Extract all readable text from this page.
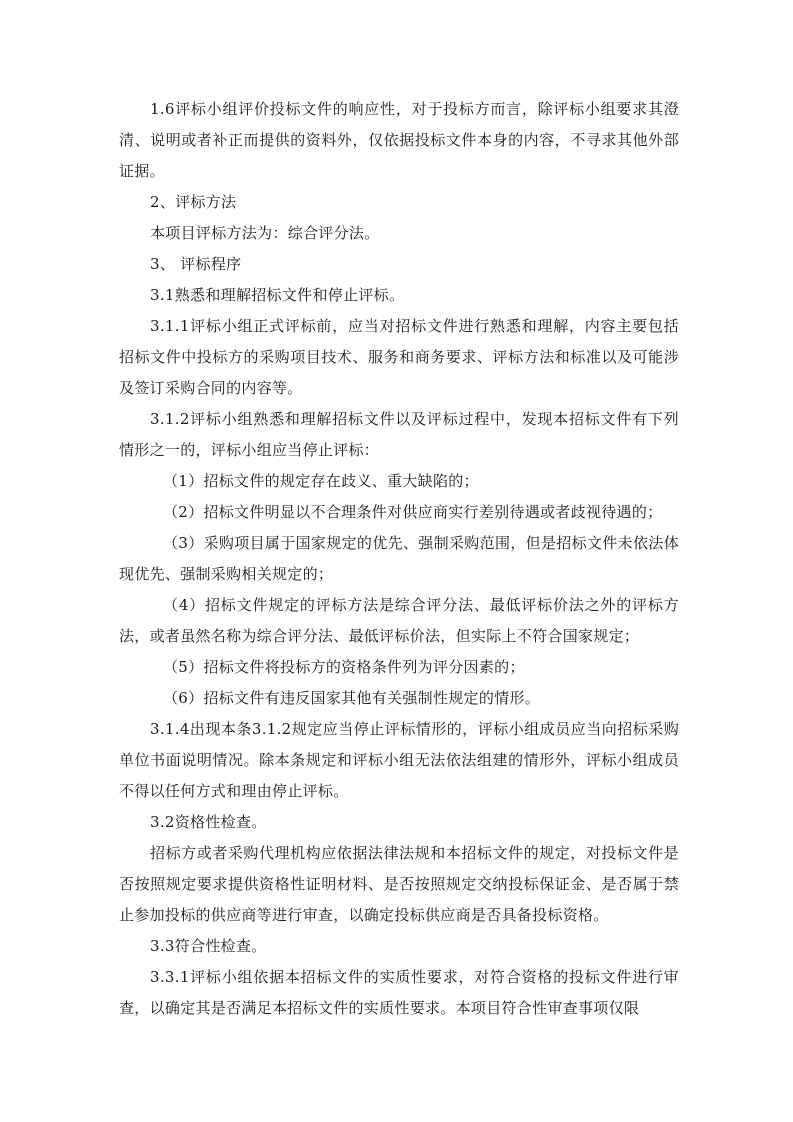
1.6评标小组评价投标文件的响应性，对于投标方而言，除评标小组要求其澄清、说明或者补正而提供的资料外，仅依据投标文件本身的内容，不寻求其他外部证据。

2、评标方法

本项目评标方法为：综合评分法。

3、 评标程序

3.1熟悉和理解招标文件和停止评标。

3.1.1评标小组正式评标前，应当对招标文件进行熟悉和理解，内容主要包括招标文件中投标方的采购项目技术、服务和商务要求、评标方法和标准以及可能涉及签订采购合同的内容等。

3.1.2评标小组熟悉和理解招标文件以及评标过程中，发现本招标文件有下列情形之一的，评标小组应当停止评标：

（1）招标文件的规定存在歧义、重大缺陷的；

（2）招标文件明显以不合理条件对供应商实行差别待遇或者歧视待遇的；

（3）采购项目属于国家规定的优先、强制采购范围，但是招标文件未依法体现优先、强制采购相关规定的；

（4）招标文件规定的评标方法是综合评分法、最低评标价法之外的评标方法，或者虽然名称为综合评分法、最低评标价法，但实际上不符合国家规定；

（5）招标文件将投标方的资格条件列为评分因素的；

（6）招标文件有违反国家其他有关强制性规定的情形。

3.1.4出现本条3.1.2规定应当停止评标情形的，评标小组成员应当向招标采购单位书面说明情况。除本条规定和评标小组无法依法组建的情形外，评标小组成员不得以任何方式和理由停止评标。

3.2资格性检查。

招标方或者采购代理机构应依据法律法规和本招标文件的规定，对投标文件是否按照规定要求提供资格性证明材料、是否按照规定交纳投标保证金、是否属于禁止参加投标的供应商等进行审查，以确定投标供应商是否具备投标资格。

3.3符合性检查。

3.3.1评标小组依据本招标文件的实质性要求，对符合资格的投标文件进行审查，以确定其是否满足本招标文件的实质性要求。本项目符合性审查事项仅限
